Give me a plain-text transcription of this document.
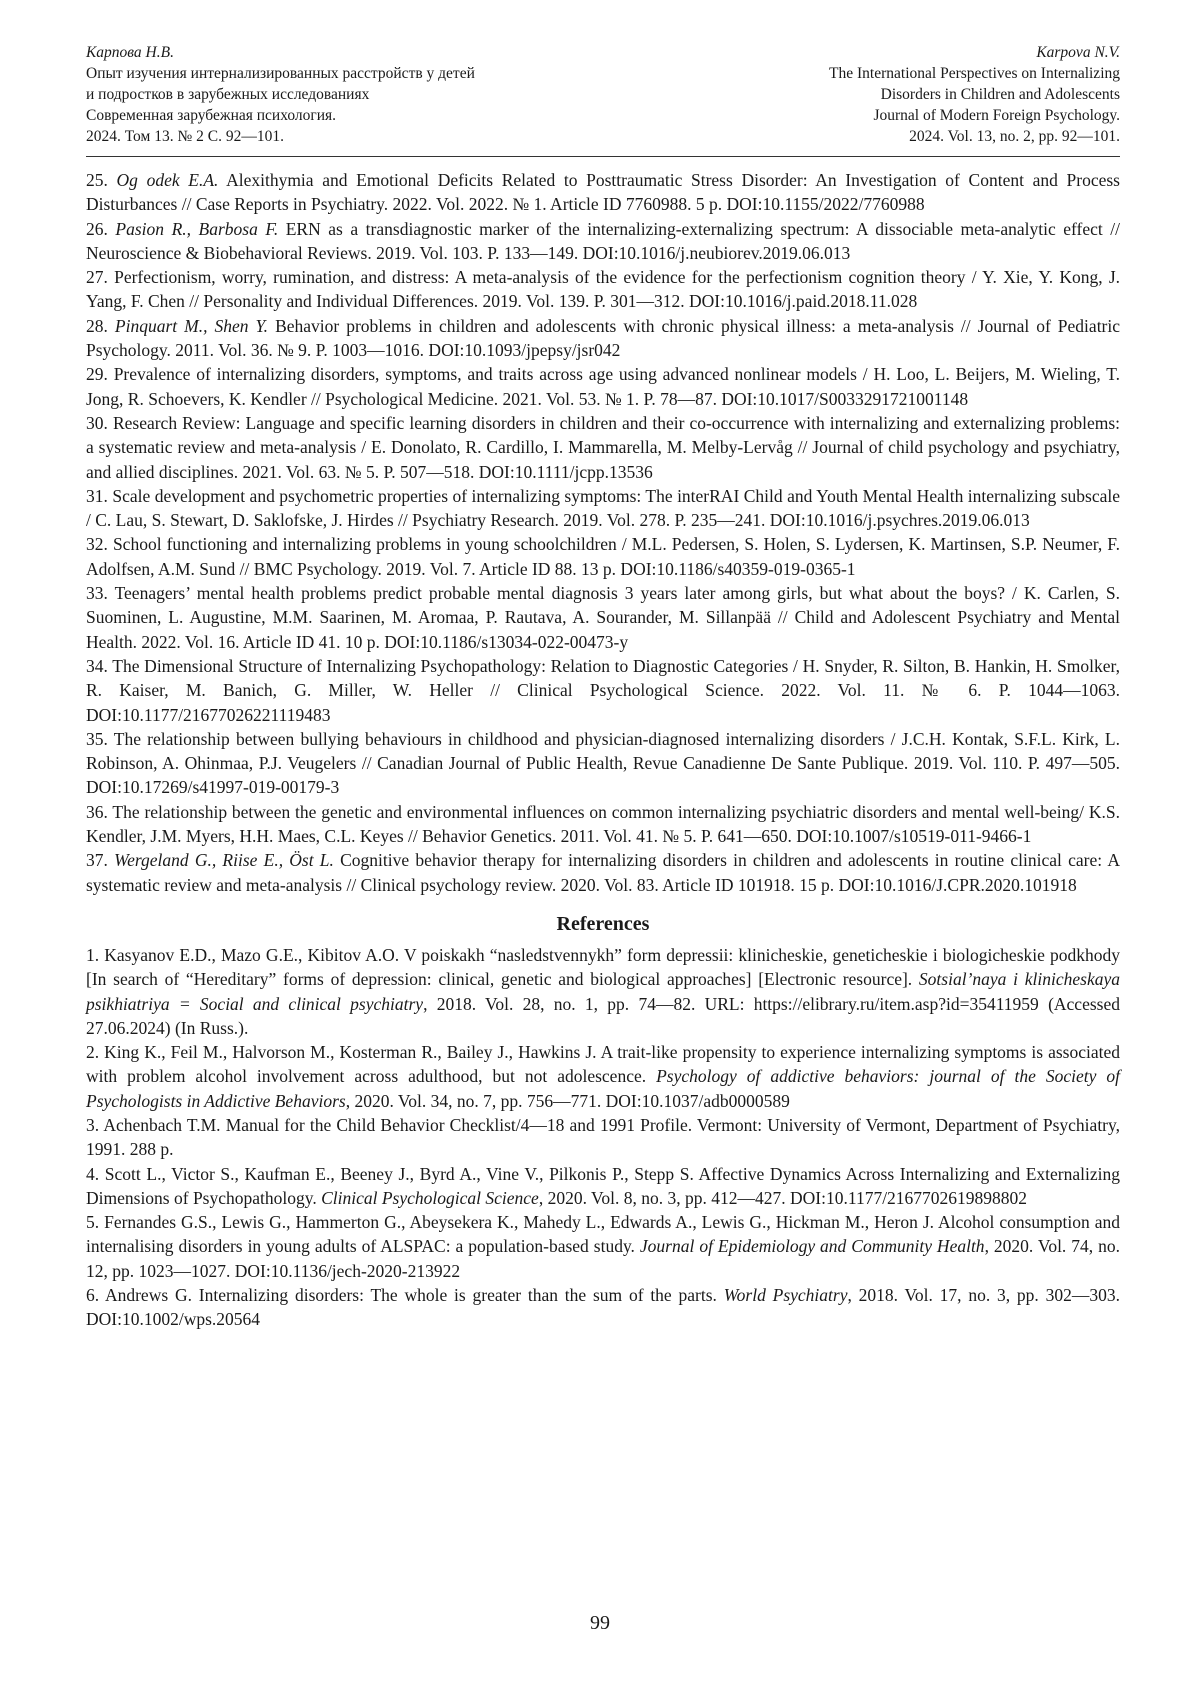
Карпова Н.В.
Опыт изучения интернализированных расстройств у детей
и подростков в зарубежных исследованиях
Современная зарубежная психология.
2024. Том 13. № 2 С. 92—101.
Karpova N.V.
The International Perspectives on Internalizing
Disorders in Children and Adolescents
Journal of Modern Foreign Psychology.
2024. Vol. 13, no. 2, pp. 92—101.

25. Og odek E.A. Alexithymia and Emotional Deficits Related to Posttraumatic Stress Disorder: An Investigation of Content and Process Disturbances // Case Reports in Psychiatry. 2022. Vol. 2022. № 1. Article ID 7760988. 5 p. DOI:10.1155/2022/7760988

26. Pasion R., Barbosa F. ERN as a transdiagnostic marker of the internalizing-externalizing spectrum: A dissociable meta-analytic effect // Neuroscience & Biobehavioral Reviews. 2019. Vol. 103. P. 133—149. DOI:10.1016/j.neubiorev.2019.06.013

27. Perfectionism, worry, rumination, and distress: A meta-analysis of the evidence for the perfectionism cognition theory / Y. Xie, Y. Kong, J. Yang, F. Chen // Personality and Individual Differences. 2019. Vol. 139. P. 301—312. DOI:10.1016/j.paid.2018.11.028

28. Pinquart M., Shen Y. Behavior problems in children and adolescents with chronic physical illness: a meta-analysis // Journal of Pediatric Psychology. 2011. Vol. 36. № 9. P. 1003—1016. DOI:10.1093/jpepsy/jsr042

29. Prevalence of internalizing disorders, symptoms, and traits across age using advanced nonlinear models / H. Loo, L. Beijers, M. Wieling, T. Jong, R. Schoevers, K. Kendler // Psychological Medicine. 2021. Vol. 53. № 1. P. 78—87. DOI:10.1017/S0033291721001148

30. Research Review: Language and specific learning disorders in children and their co-occurrence with internalizing and externalizing problems: a systematic review and meta-analysis / E. Donolato, R. Cardillo, I. Mammarella, M. Melby-Lervåg // Journal of child psychology and psychiatry, and allied disciplines. 2021. Vol. 63. № 5. P. 507—518. DOI:10.1111/jcpp.13536

31. Scale development and psychometric properties of internalizing symptoms: The interRAI Child and Youth Mental Health internalizing subscale / C. Lau, S. Stewart, D. Saklofske, J. Hirdes // Psychiatry Research. 2019. Vol. 278. P. 235—241. DOI:10.1016/j.psychres.2019.06.013

32. School functioning and internalizing problems in young schoolchildren / M.L. Pedersen, S. Holen, S. Lydersen, K. Martinsen, S.P. Neumer, F. Adolfsen, A.M. Sund // BMC Psychology. 2019. Vol. 7. Article ID 88. 13 p. DOI:10.1186/s40359-019-0365-1

33. Teenagers’ mental health problems predict probable mental diagnosis 3 years later among girls, but what about the boys? / K. Carlen, S. Suominen, L. Augustine, M.M. Saarinen, M. Aromaa, P. Rautava, A. Sourander, M. Sillanpää // Child and Adolescent Psychiatry and Mental Health. 2022. Vol. 16. Article ID 41. 10 p. DOI:10.1186/s13034-022-00473-y

34. The Dimensional Structure of Internalizing Psychopathology: Relation to Diagnostic Categories / H. Snyder, R. Silton, B. Hankin, H. Smolker, R. Kaiser, M. Banich, G. Miller, W. Heller // Clinical Psychological Science. 2022. Vol. 11. № 6. P. 1044—1063. DOI:10.1177/21677026221119483

35. The relationship between bullying behaviours in childhood and physician-diagnosed internalizing disorders / J.C.H. Kontak, S.F.L. Kirk, L. Robinson, A. Ohinmaa, P.J. Veugelers // Canadian Journal of Public Health, Revue Canadienne De Sante Publique. 2019. Vol. 110. P. 497—505. DOI:10.17269/s41997-019-00179-3

36. The relationship between the genetic and environmental influences on common internalizing psychiatric disorders and mental well-being/ K.S. Kendler, J.M. Myers, H.H. Maes, C.L. Keyes // Behavior Genetics. 2011. Vol. 41. № 5. P. 641—650. DOI:10.1007/s10519-011-9466-1

37. Wergeland G., Riise E., Öst L. Cognitive behavior therapy for internalizing disorders in children and adolescents in routine clinical care: A systematic review and meta-analysis // Clinical psychology review. 2020. Vol. 83. Article ID 101918. 15 p. DOI:10.1016/J.CPR.2020.101918

References

1. Kasyanov E.D., Mazo G.E., Kibitov A.O. V poiskakh “nasledstvennykh” form depressii: klinicheskie, geneticheskie i biologicheskie podkhody [In search of “Hereditary” forms of depression: clinical, genetic and biological approaches] [Electronic resource]. Sotsial’naya i klinicheskaya psikhiatriya = Social and clinical psychiatry, 2018. Vol. 28, no. 1, pp. 74—82. URL: https://elibrary.ru/item.asp?id=35411959 (Accessed 27.06.2024) (In Russ.).

2. King K., Feil M., Halvorson M., Kosterman R., Bailey J., Hawkins J. A trait-like propensity to experience internalizing symptoms is associated with problem alcohol involvement across adulthood, but not adolescence. Psychology of addictive behaviors: journal of the Society of Psychologists in Addictive Behaviors, 2020. Vol. 34, no. 7, pp. 756—771. DOI:10.1037/adb0000589

3. Achenbach T.M. Manual for the Child Behavior Checklist/4—18 and 1991 Profile. Vermont: University of Vermont, Department of Psychiatry, 1991. 288 p.

4. Scott L., Victor S., Kaufman E., Beeney J., Byrd A., Vine V., Pilkonis P., Stepp S. Affective Dynamics Across Internalizing and Externalizing Dimensions of Psychopathology. Clinical Psychological Science, 2020. Vol. 8, no. 3, pp. 412—427. DOI:10.1177/2167702619898802

5. Fernandes G.S., Lewis G., Hammerton G., Abeysekera K., Mahedy L., Edwards A., Lewis G., Hickman M., Heron J. Alcohol consumption and internalising disorders in young adults of ALSPAC: a population-based study. Journal of Epidemiology and Community Health, 2020. Vol. 74, no. 12, pp. 1023—1027. DOI:10.1136/jech-2020-213922

6. Andrews G. Internalizing disorders: The whole is greater than the sum of the parts. World Psychiatry, 2018. Vol. 17, no. 3, pp. 302—303. DOI:10.1002/wps.20564

99
